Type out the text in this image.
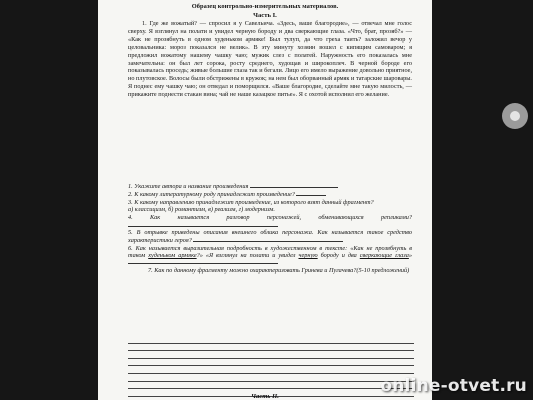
Образец контрольно-измерительных материалов.

Часть I.

1. Где же вожатый? — спросил я у Савельича. «Здесь, ваше благородие», — отвечал мне голос сверху. Я взглянул на полати и увидел черную бороду и два сверкающие глаза. «Что, брат, прозяб?» — «Как не прозябнуть в одном худеньком армяке! Был тулуп, да что греха таить? заложил вечор у целовальника: мороз показался не велик». В эту минуту хозяин вошел с кипящим самоваром; я предложил вожатому нашему чашку чаю; мужик слез с полатей. Наружность его показалась мне замечательна: он был лет сорока, росту среднего, худощав и широкоплеч. В черной бороде его показывалась проседь; живые большие глаза так и бегали. Лицо его имело выражение довольно приятное, но плутовское. Волосы были обстрижены в кружок; на нем был оборванный армяк и татарские шаровары. Я поднес ему чашку чаю; он отведал и поморщился. «Ваше благородие, сделайте мне такую милость, — прикажите поднести стакан вина; чай не наше казацкое питье». Я с охотой исполнил его желание.

1. Укажите автора и название произведения

2. К какому литературному роду принадлежит произведение?

3. К какому направлению принадлежит произведение, из которого взят данный фрагмент?

а) классицизм, б) романтизм, в) реализм, г) модернизм.

4. Как называется разговор персонажей, обменивающихся репликами?

5. В отрывке приведены описания внешнего облика персонажа. Как называется такое средство характеристики героя?

6. Как называется выразительная подробность в художественном в тексте: «Как не прозябнуть в таком худеньком армяке?» «Я взглянул на полати и увидел черную бороду и два сверкающие глаза»

7. Как по данному фрагменту можно охарактеризовать Гринева и Пугачева?(5-10 предложений)

Часть II.

online-otvet.ru
